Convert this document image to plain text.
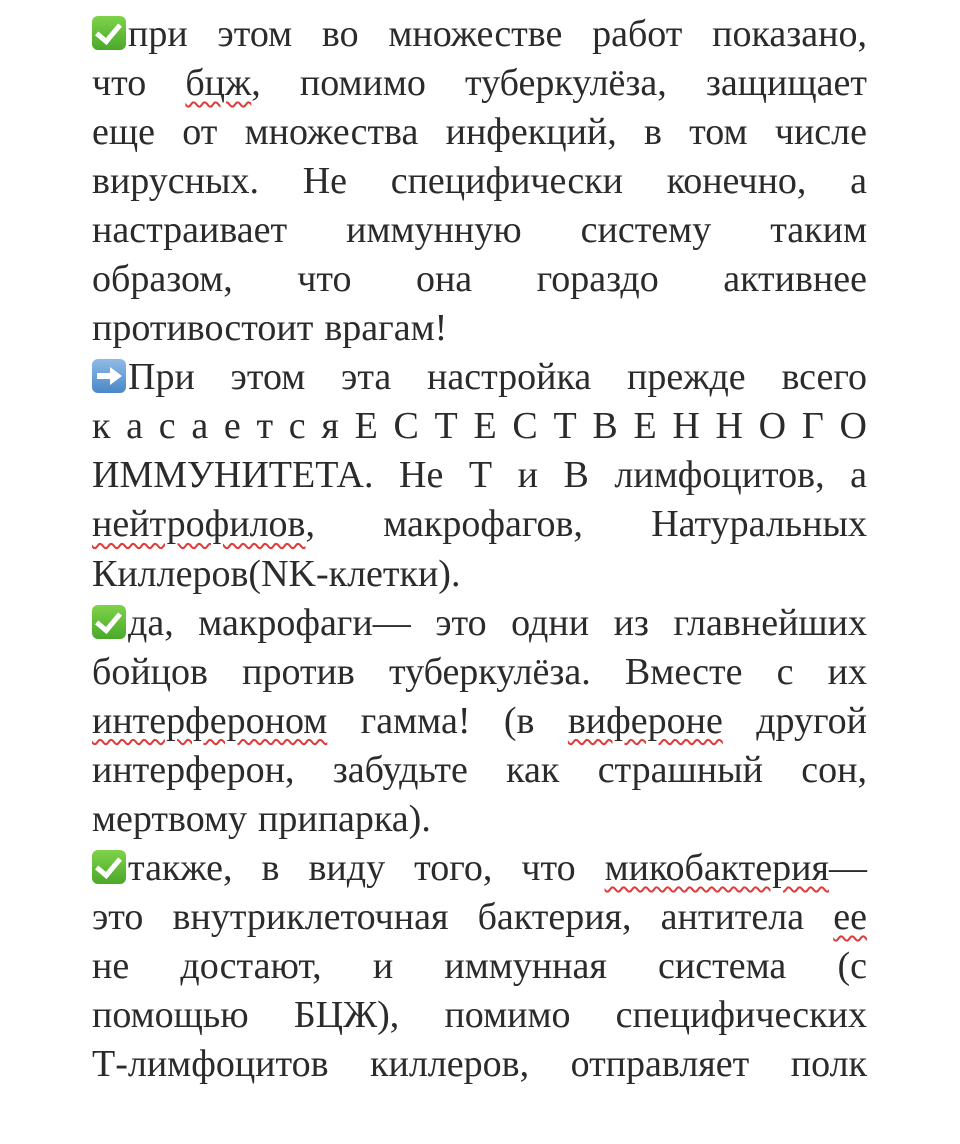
при этом во множестве работ показано,
что бцж, помимо туберкулёза, защищает
еще от множества инфекций, в том числе
вирусных. Не специфически конечно, а
настраивает иммунную систему таким
образом, что она гораздо активнее
противостоит врагам!
При этом эта настройка прежде всего
к а с а е т с я Е С Т Е С Т В Е Н Н О Г О
ИММУНИТЕТА. Не Т и В лимфоцитов, а
нейтрофилов, макрофагов, Натуральных
Киллеров(NK-клетки).
да, макрофаги— это одни из главнейших
бойцов против туберкулёза. Вместе с их
интерфероном гамма! (в вифероне другой
интерферон, забудьте как страшный сон,
мертвому припарка).
также, в виду того, что микобактерия—
это внутриклеточная бактерия, антитела ее
не достают, и иммунная система (с
помощью БЦЖ), помимо специфических
Т-лимфоцитов киллеров, отправляет полк
